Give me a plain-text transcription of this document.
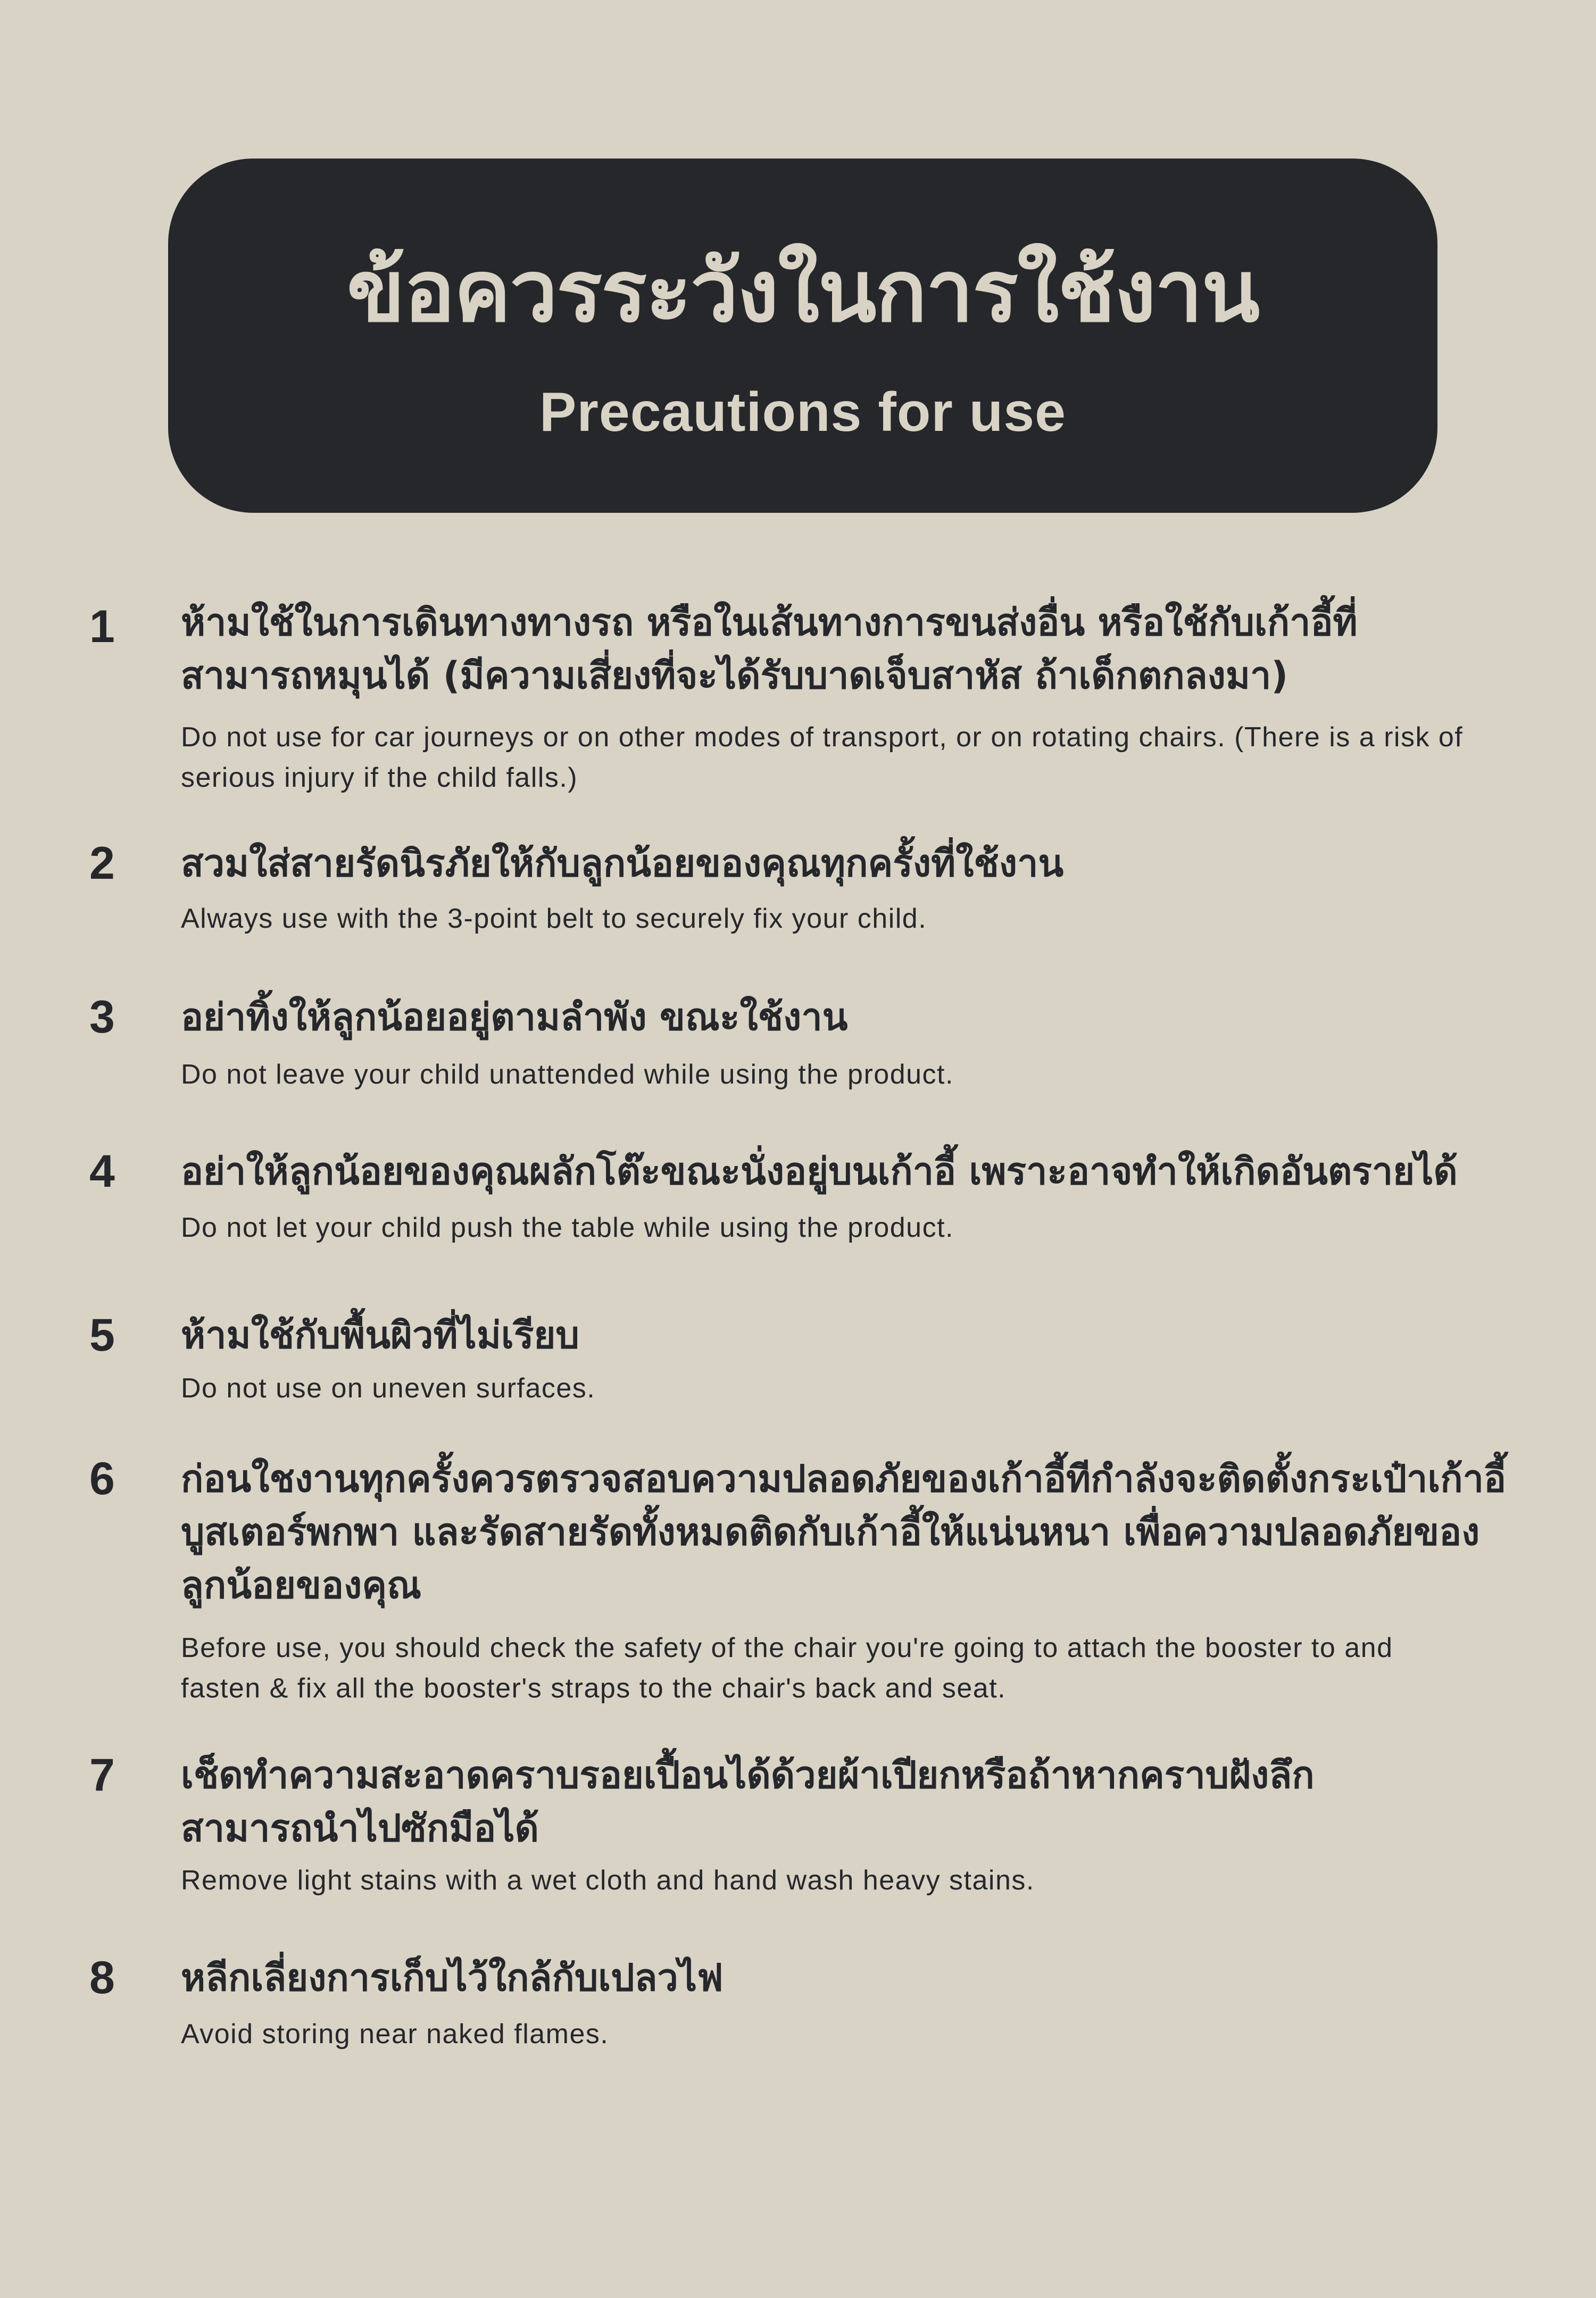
ข้อควรระวังในการใช้งาน
Precautions for use
1 ห้ามใช้ในการเดินทางทางรถ หรือในเส้นทางการขนส่งอื่น หรือใช้กับเก้าอี้ที่สามารถหมุนได้ (มีความเสี่ยงที่จะได้รับบาดเจ็บสาหัส ถ้าเด็กตกลงมา)
Do not use for car journeys or on other modes of transport, or on rotating chairs. (There is a risk of serious injury if the child falls.)
2 สวมใส่สายรัดนิรภัยให้กับลูกน้อยของคุณทุกครั้งที่ใช้งาน
Always use with the 3-point belt to securely fix your child.
3 อย่าทิ้งให้ลูกน้อยอยู่ตามลำพัง ขณะใช้งาน
Do not leave your child unattended while using the product.
4 อย่าให้ลูกน้อยของคุณผลักโต๊ะขณะนั่งอยู่บนเก้าอี้ เพราะอาจทำให้เกิดอันตรายได้
Do not let your child push the table while using the product.
5 ห้ามใช้กับพื้นผิวที่ไม่เรียบ
Do not use on uneven surfaces.
6 ก่อนใชงานทุกครั้งควรตรวจสอบความปลอดภัยของเก้าอี้ทีกำลังจะติดตั้งกระเป๋าเก้าอี้บูสเตอร์พกพา และรัดสายรัดทั้งหมดติดกับเก้าอี้ให้แน่นหนา เพื่อความปลอดภัยของลูกน้อยของคุณ
Before use, you should check the safety of the chair you're going to attach the booster to and fasten & fix all the booster's straps to the chair's back and seat.
7 เช็ดทำความสะอาดคราบรอยเปื้อนได้ด้วยผ้าเปียกหรือถ้าหากคราบฝังลึกสามารถนำไปซักมือได้
Remove light stains with a wet cloth and hand wash heavy stains.
8 หลีกเลี่ยงการเก็บไว้ใกล้กับเปลวไฟ
Avoid storing near naked flames.
